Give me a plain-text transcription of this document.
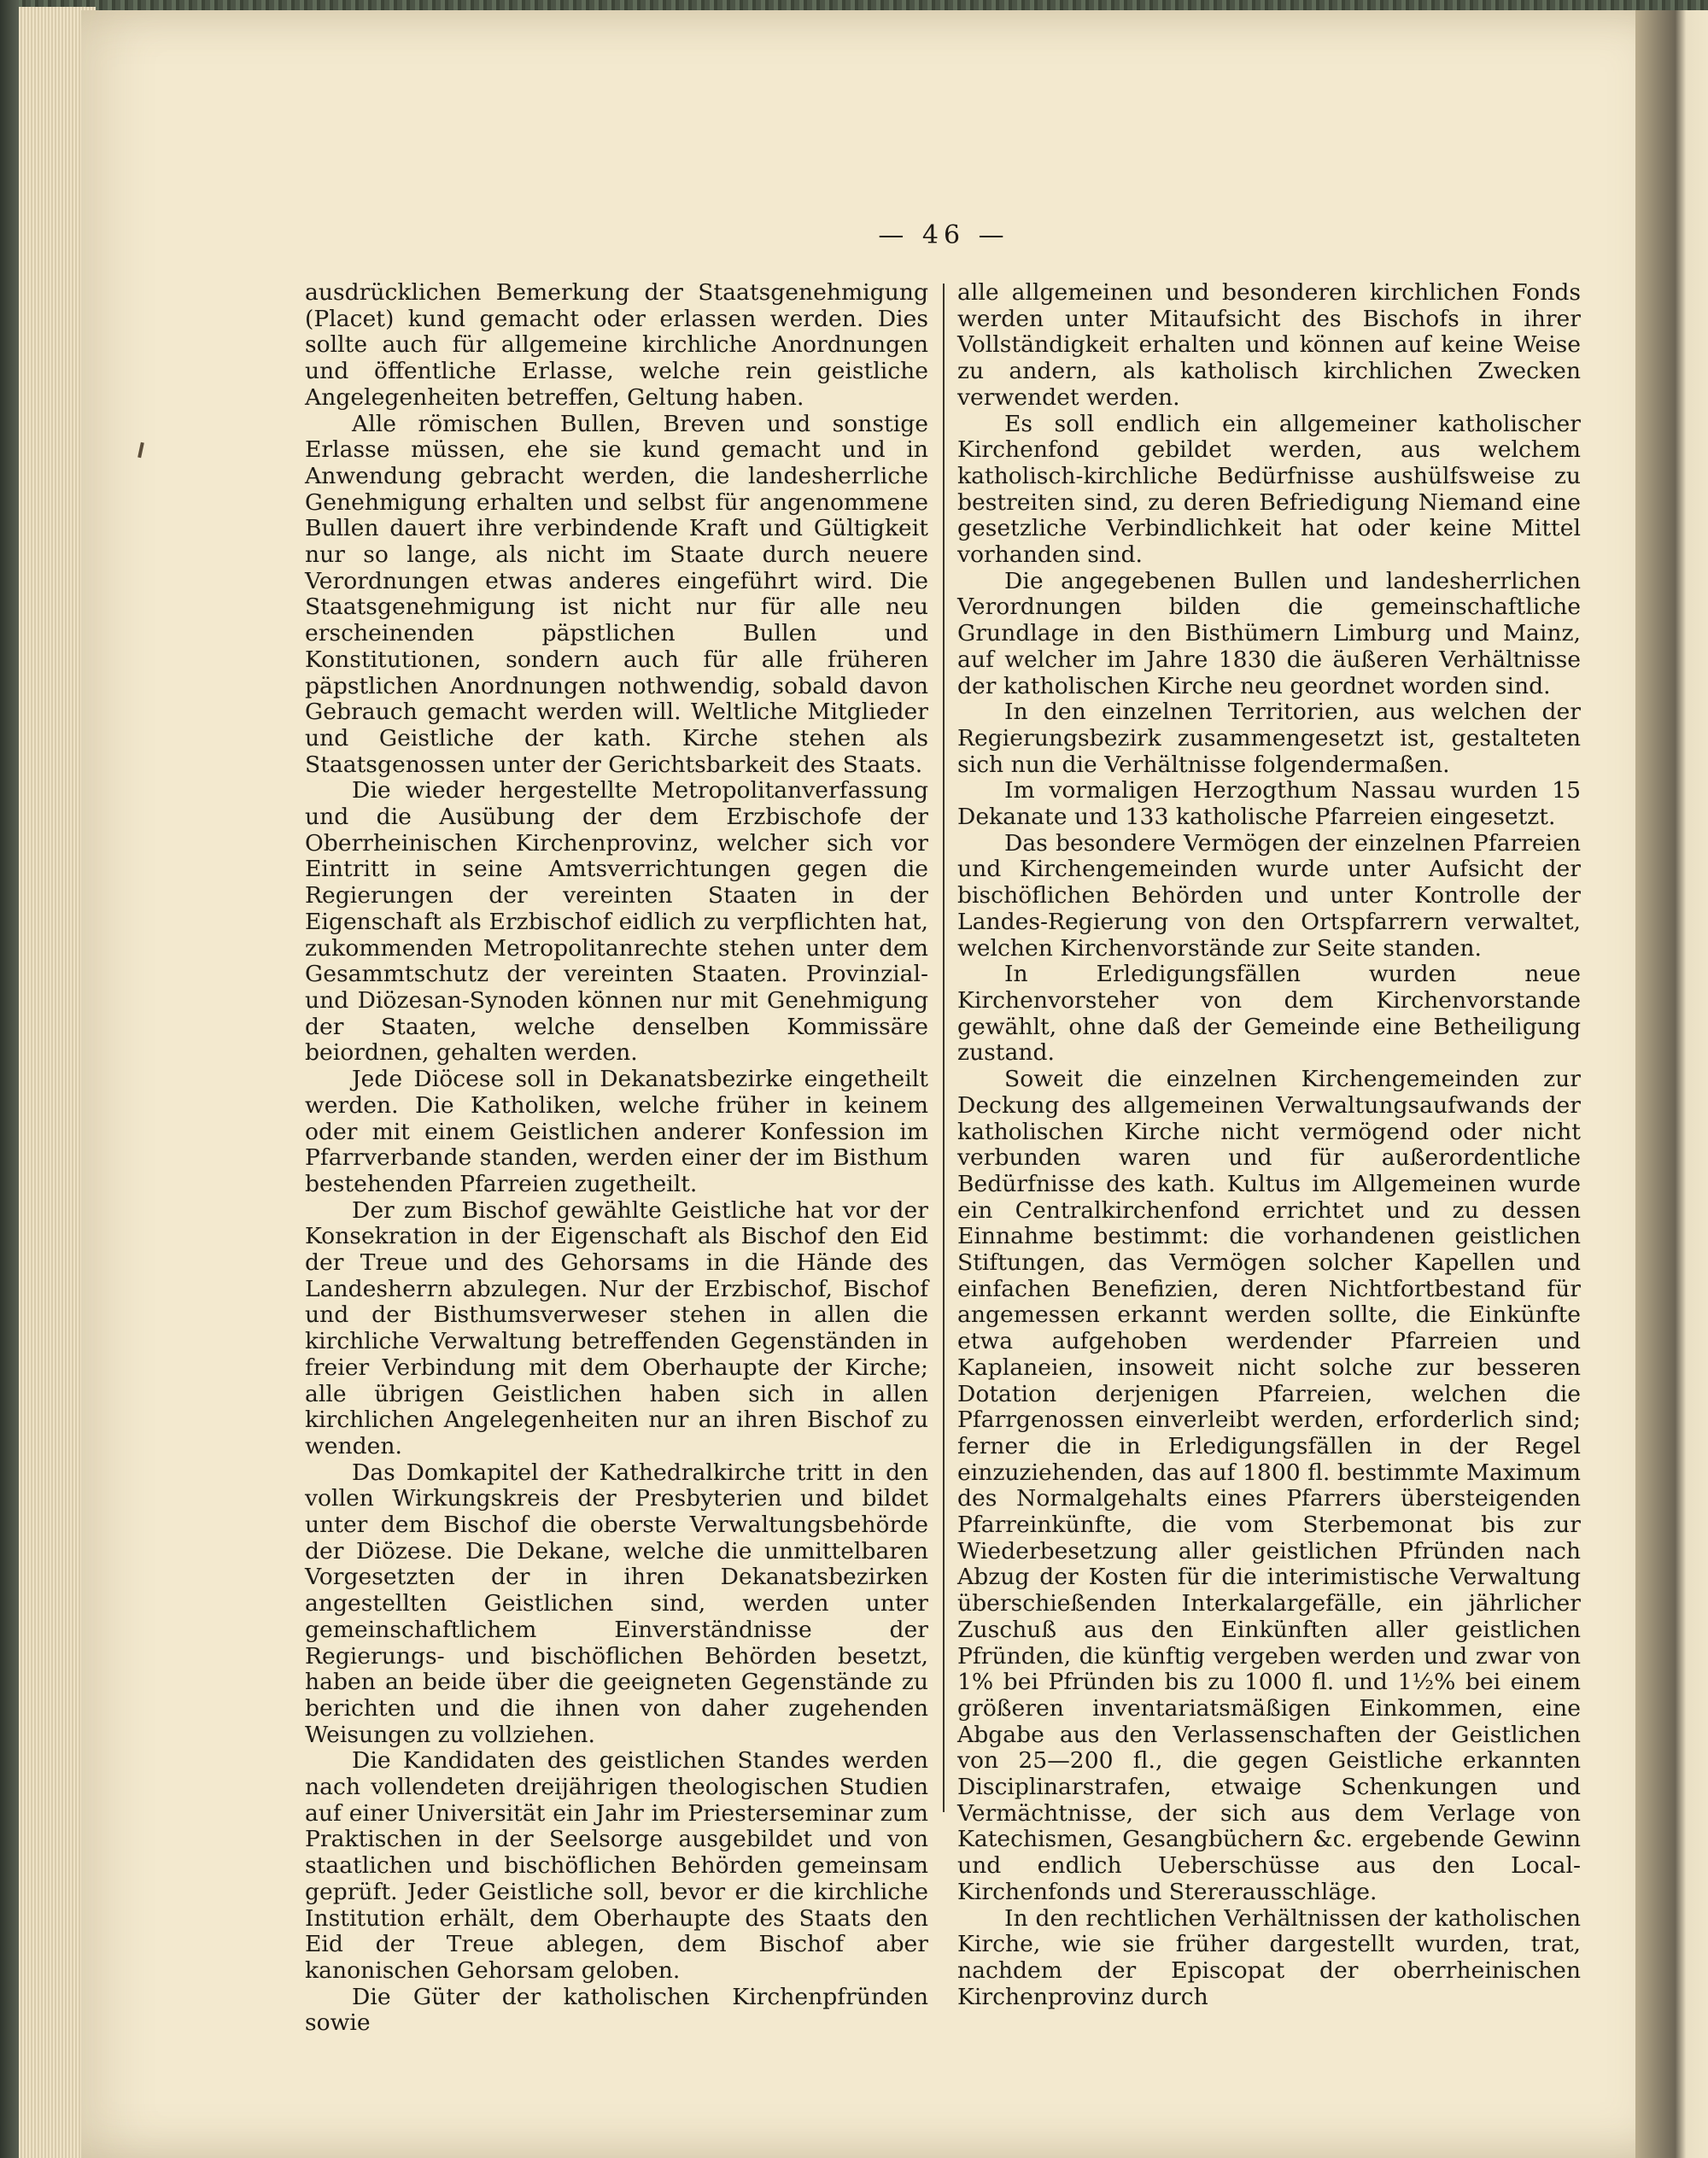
— 46 —

ausdrücklichen Bemerkung der Staatsgenehmigung (Placet) kund gemacht oder erlassen werden. Dies sollte auch für allgemeine kirchliche Anordnungen und öffentliche Erlasse, welche rein geistliche Angelegenheiten betreffen, Geltung haben.

Alle römischen Bullen, Breven und sonstige Erlasse müssen, ehe sie kund gemacht und in Anwendung gebracht werden, die landesherrliche Genehmigung erhalten und selbst für angenommene Bullen dauert ihre verbindende Kraft und Gültigkeit nur so lange, als nicht im Staate durch neuere Verordnungen etwas anderes eingeführt wird. Die Staatsgenehmigung ist nicht nur für alle neu erscheinenden päpstlichen Bullen und Konstitutionen, sondern auch für alle früheren päpstlichen Anordnungen nothwendig, sobald davon Gebrauch gemacht werden will. Weltliche Mitglieder und Geistliche der kath. Kirche stehen als Staatsgenossen unter der Gerichtsbarkeit des Staats.

Die wieder hergestellte Metropolitanverfassung und die Ausübung der dem Erzbischofe der Oberrheinischen Kirchenprovinz, welcher sich vor Eintritt in seine Amtsverrichtungen gegen die Regierungen der vereinten Staaten in der Eigenschaft als Erzbischof eidlich zu verpflichten hat, zukommenden Metropolitanrechte stehen unter dem Gesammtschutz der vereinten Staaten. Provinzial- und Diözesan-Synoden können nur mit Genehmigung der Staaten, welche denselben Kommissäre beiordnen, gehalten werden.

Jede Diöcese soll in Dekanatsbezirke eingetheilt werden. Die Katholiken, welche früher in keinem oder mit einem Geistlichen anderer Konfession im Pfarrverbande standen, werden einer der im Bisthum bestehenden Pfarreien zugetheilt.

Der zum Bischof gewählte Geistliche hat vor der Konsekration in der Eigenschaft als Bischof den Eid der Treue und des Gehorsams in die Hände des Landesherrn abzulegen. Nur der Erzbischof, Bischof und der Bisthumsverweser stehen in allen die kirchliche Verwaltung betreffenden Gegenständen in freier Verbindung mit dem Oberhaupte der Kirche; alle übrigen Geistlichen haben sich in allen kirchlichen Angelegenheiten nur an ihren Bischof zu wenden.

Das Domkapitel der Kathedralkirche tritt in den vollen Wirkungskreis der Presbyterien und bildet unter dem Bischof die oberste Verwaltungsbehörde der Diözese. Die Dekane, welche die unmittelbaren Vorgesetzten der in ihren Dekanatsbezirken angestellten Geistlichen sind, werden unter gemeinschaftlichem Einverständnisse der Regierungs- und bischöflichen Behörden besetzt, haben an beide über die geeigneten Gegenstände zu berichten und die ihnen von daher zugehenden Weisungen zu vollziehen.

Die Kandidaten des geistlichen Standes werden nach vollendeten dreijährigen theologischen Studien auf einer Universität ein Jahr im Priesterseminar zum Praktischen in der Seelsorge ausgebildet und von staatlichen und bischöflichen Behörden gemeinsam geprüft. Jeder Geistliche soll, bevor er die kirchliche Institution erhält, dem Oberhaupte des Staats den Eid der Treue ablegen, dem Bischof aber kanonischen Gehorsam geloben.

Die Güter der katholischen Kirchenpfründen sowie

alle allgemeinen und besonderen kirchlichen Fonds werden unter Mitaufsicht des Bischofs in ihrer Vollständigkeit erhalten und können auf keine Weise zu andern, als katholisch kirchlichen Zwecken verwendet werden.

Es soll endlich ein allgemeiner katholischer Kirchenfond gebildet werden, aus welchem katholisch-kirchliche Bedürfnisse aushülfsweise zu bestreiten sind, zu deren Befriedigung Niemand eine gesetzliche Verbindlichkeit hat oder keine Mittel vorhanden sind.

Die angegebenen Bullen und landesherrlichen Verordnungen bilden die gemeinschaftliche Grundlage in den Bisthümern Limburg und Mainz, auf welcher im Jahre 1830 die äußeren Verhältnisse der katholischen Kirche neu geordnet worden sind.

In den einzelnen Territorien, aus welchen der Regierungsbezirk zusammengesetzt ist, gestalteten sich nun die Verhältnisse folgendermaßen.

Im vormaligen Herzogthum Nassau wurden 15 Dekanate und 133 katholische Pfarreien eingesetzt.

Das besondere Vermögen der einzelnen Pfarreien und Kirchengemeinden wurde unter Aufsicht der bischöflichen Behörden und unter Kontrolle der Landes-Regierung von den Ortspfarrern verwaltet, welchen Kirchenvorstände zur Seite standen.

In Erledigungsfällen wurden neue Kirchenvorsteher von dem Kirchenvorstande gewählt, ohne daß der Gemeinde eine Betheiligung zustand.

Soweit die einzelnen Kirchengemeinden zur Deckung des allgemeinen Verwaltungsaufwands der katholischen Kirche nicht vermögend oder nicht verbunden waren und für außerordentliche Bedürfnisse des kath. Kultus im Allgemeinen wurde ein Centralkirchenfond errichtet und zu dessen Einnahme bestimmt: die vorhandenen geistlichen Stiftungen, das Vermögen solcher Kapellen und einfachen Benefizien, deren Nichtfortbestand für angemessen erkannt werden sollte, die Einkünfte etwa aufgehoben werdender Pfarreien und Kaplaneien, insoweit nicht solche zur besseren Dotation derjenigen Pfarreien, welchen die Pfarrgenossen einverleibt werden, erforderlich sind; ferner die in Erledigungsfällen in der Regel einzuziehenden, das auf 1800 fl. bestimmte Maximum des Normalgehalts eines Pfarrers übersteigenden Pfarreinkünfte, die vom Sterbemonat bis zur Wiederbesetzung aller geistlichen Pfründen nach Abzug der Kosten für die interimistische Verwaltung überschießenden Interkalargefälle, ein jährlicher Zuschuß aus den Einkünften aller geistlichen Pfründen, die künftig vergeben werden und zwar von 1% bei Pfründen bis zu 1000 fl. und 1½% bei einem größeren inventariatsmäßigen Einkommen, eine Abgabe aus den Verlassenschaften der Geistlichen von 25—200 fl., die gegen Geistliche erkannten Disciplinarstrafen, etwaige Schenkungen und Vermächtnisse, der sich aus dem Verlage von Katechismen, Gesangbüchern &c. ergebende Gewinn und endlich Ueberschüsse aus den Local-Kirchenfonds und Stererausschläge.

In den rechtlichen Verhältnissen der katholischen Kirche, wie sie früher dargestellt wurden, trat, nachdem der Episcopat der oberrheinischen Kirchenprovinz durch
